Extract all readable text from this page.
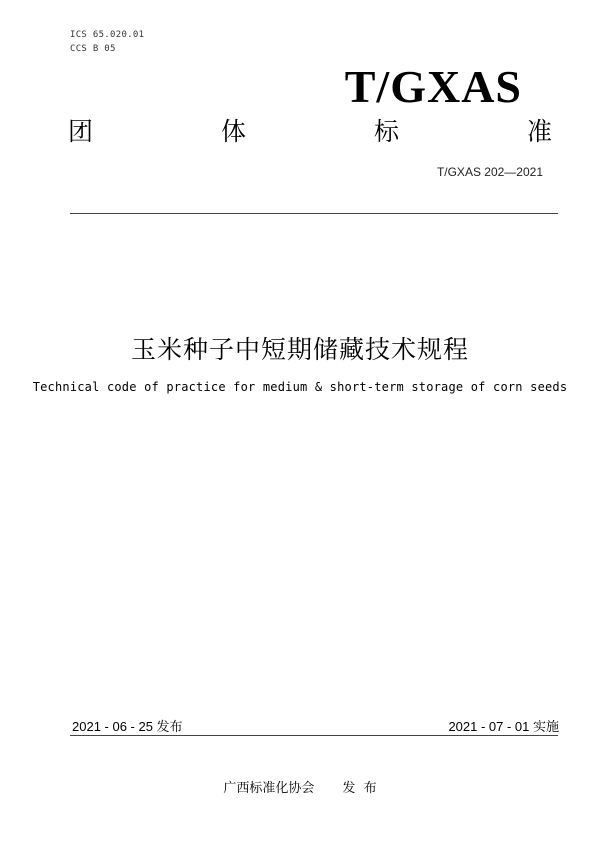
ICS 65.020.01
CCS B 05
T/GXAS
团	体	标	准
T/GXAS 202—2021
玉米种子中短期储藏技术规程
Technical code of practice for medium & short-term storage of corn seeds
2021 - 06 - 25 发布	2021 - 07 - 01 实施
广西标准化协会 发  布
